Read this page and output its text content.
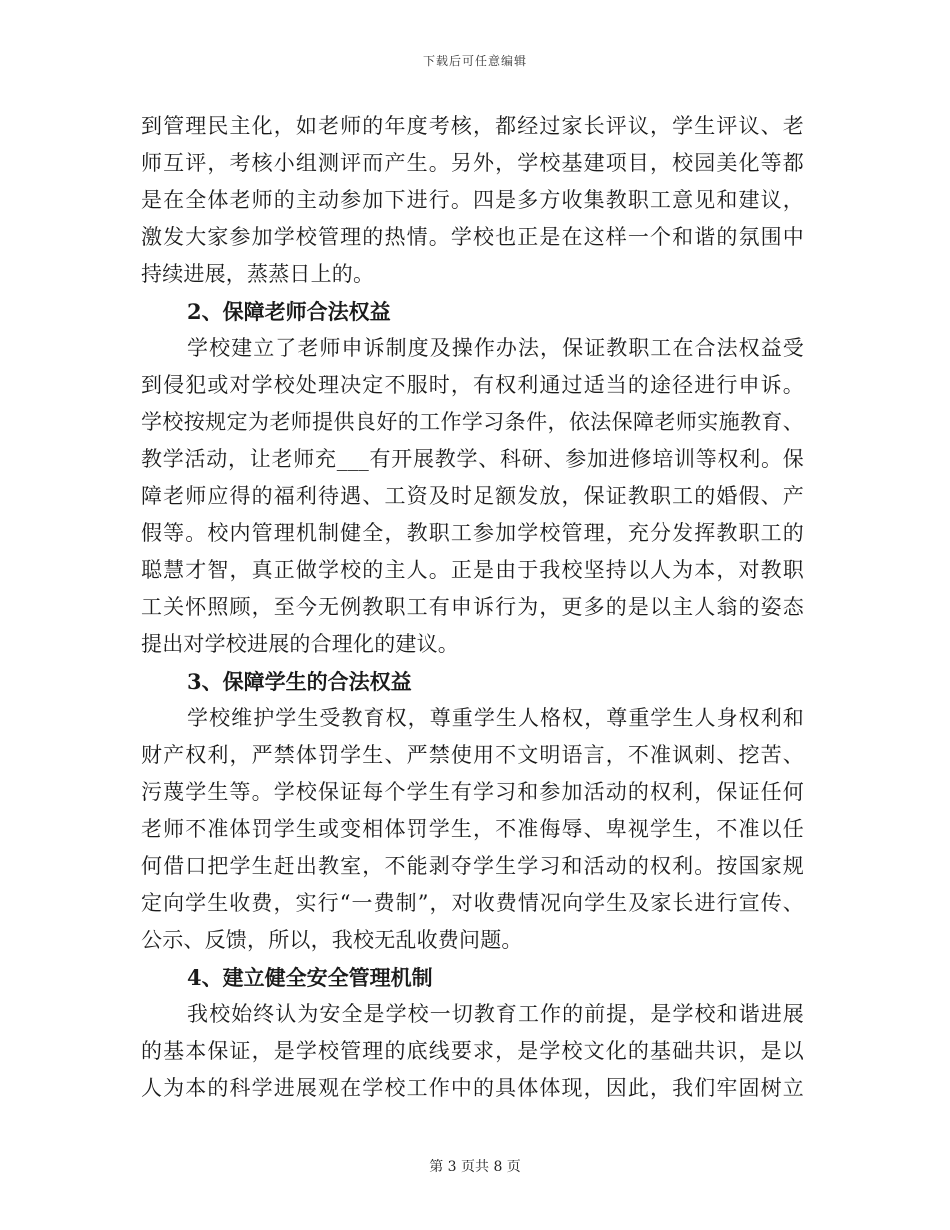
下载后可任意编辑
到管理民主化，如老师的年度考核，都经过家长评议，学生评议、老
师互评，考核小组测评而产生。另外，学校基建项目，校园美化等都
是在全体老师的主动参加下进行。四是多方收集教职工意见和建议，
激发大家参加学校管理的热情。学校也正是在这样一个和谐的氛围中
持续进展，蒸蒸日上的。
2、保障老师合法权益
学校建立了老师申诉制度及操作办法，保证教职工在合法权益受
到侵犯或对学校处理决定不服时，有权利通过适当的途径进行申诉。
学校按规定为老师提供良好的工作学习条件，依法保障老师实施教育、
教学活动，让老师充___有开展教学、科研、参加进修培训等权利。保
障老师应得的福利待遇、工资及时足额发放，保证教职工的婚假、产
假等。校内管理机制健全，教职工参加学校管理，充分发挥教职工的
聪慧才智，真正做学校的主人。正是由于我校坚持以人为本，对教职
工关怀照顾，至今无例教职工有申诉行为，更多的是以主人翁的姿态
提出对学校进展的合理化的建议。
3、保障学生的合法权益
学校维护学生受教育权，尊重学生人格权，尊重学生人身权利和
财产权利，严禁体罚学生、严禁使用不文明语言，不准讽刺、挖苦、
污蔑学生等。学校保证每个学生有学习和参加活动的权利，保证任何
老师不准体罚学生或变相体罚学生，不准侮辱、卑视学生，不准以任
何借口把学生赶出教室，不能剥夺学生学习和活动的权利。按国家规
定向学生收费，实行“一费制”，对收费情况向学生及家长进行宣传、
公示、反馈，所以，我校无乱收费问题。
4、建立健全安全管理机制
我校始终认为安全是学校一切教育工作的前提，是学校和谐进展
的基本保证，是学校管理的底线要求，是学校文化的基础共识，是以
人为本的科学进展观在学校工作中的具体体现，因此，我们牢固树立
第 3 页共 8 页
